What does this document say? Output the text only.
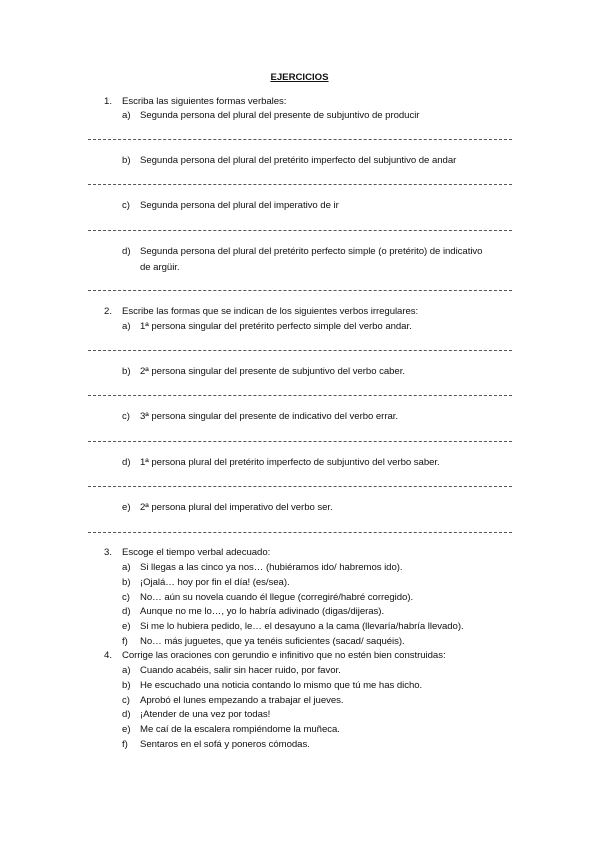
EJERCICIOS
1. Escriba las siguientes formas verbales:
a) Segunda persona del plural del presente de subjuntivo de producir
b) Segunda persona del plural del pretérito imperfecto del subjuntivo de andar
c) Segunda persona del plural del imperativo de ir
d) Segunda persona del plural del pretérito perfecto simple (o pretérito) de indicativo
de argüir.
2. Escribe las formas que se indican de los siguientes verbos irregulares:
a) 1ª persona singular del pretérito perfecto simple del verbo andar.
b) 2ª persona singular del presente de subjuntivo del verbo caber.
c) 3ª persona singular del presente de indicativo del verbo errar.
d) 1ª persona plural del pretérito imperfecto de subjuntivo del verbo saber.
e) 2ª persona plural del imperativo del verbo ser.
3. Escoge el tiempo verbal adecuado:
a) Si llegas a las cinco ya nos… (hubiéramos ido/ habremos ido).
b) ¡Ojalá… hoy por fin el día! (es/sea).
c) No… aún su novela cuando él llegue (corregiré/habré corregido).
d) Aunque no me lo…, yo lo habría adivinado (digas/dijeras).
e) Si me lo hubiera pedido, le… el desayuno a la cama (llevaría/habría llevado).
f) No… más juguetes, que ya tenéis suficientes (sacad/ saquéis).
4. Corrige las oraciones con gerundio e infinitivo que no estén bien construidas:
a) Cuando acabéis, salir sin hacer ruido, por favor.
b) He escuchado una noticia contando lo mismo que tú me has dicho.
c) Aprobó el lunes empezando a trabajar el jueves.
d) ¡Atender de una vez por todas!
e) Me caí de la escalera rompiéndome la muñeca.
f) Sentaros en el sofá y poneros cómodas.
